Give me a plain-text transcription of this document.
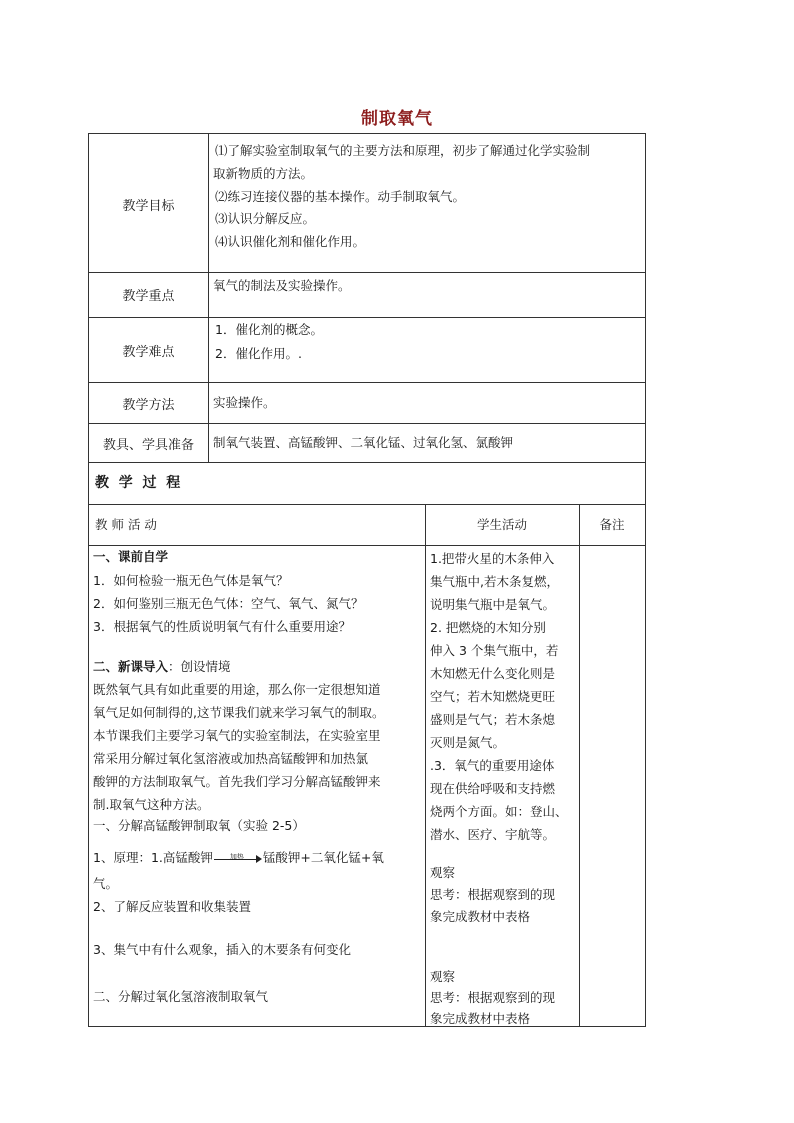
制取氧气
教学目标
教学重点
教学难点
教学方法
教具、学具准备
⑴了解实验室制取氧气的主要方法和原理，初步了解通过化学实验制
取新物质的方法。
⑵练习连接仪器的基本操作。动手制取氧气。
⑶认识分解反应。
⑷认识催化剂和催化作用。
氧气的制法及实验操作。
1．催化剂的概念。
2．催化作用。.
实验操作。
制氧气装置、高锰酸钾、二氧化锰、过氧化氢、氯酸钾
教  学  过  程
教 师 活 动	学生活动	备注
一、课前自学
1．如何检验一瓶无色气体是氧气？
2．如何鉴别三瓶无色气体：空气、氧气、氮气？
3．根据氧气的性质说明氧气有什么重要用途？
二、新课导入：创设情境
既然氧气具有如此重要的用途，那么你一定很想知道
氧气足如何制得的,这节课我们就来学习氧气的制取。
本节课我们主要学习氧气的实验室制法，在实验室里
常采用分解过氧化氢溶液或加热高锰酸钾和加热氯
酸钾的方法制取氧气。首先我们学习分解高锰酸钾来
制.取氧气这种方法。
一、分解高锰酸钾制取氧（实验 2-5）
1、原理：1.高锰酸钾 加热 锰酸钾+二氧化锰+氧
气。
2、了解反应装置和收集装置
3、集气中有什么观象，插入的木要条有何变化
二、分解过氧化氢溶液制取氧气
1.把带火星的木条伸入
集气瓶中,若木条复燃，
说明集气瓶中是氧气。
2. 把燃烧的木知分别
伸入 3 个集气瓶中，若
木知燃无什么变化则是
空气；若木知燃烧更旺
盛则是气气；若木条熄
灭则是氮气。
.3．氧气的重要用途体
现在供给呼吸和支持燃
烧两个方面。如：登山、
潜水、医疗、宇航等。
观察
思考：根据观察到的现
象完成教材中表格
观察
思考：根据观察到的现
象完成教材中表格
